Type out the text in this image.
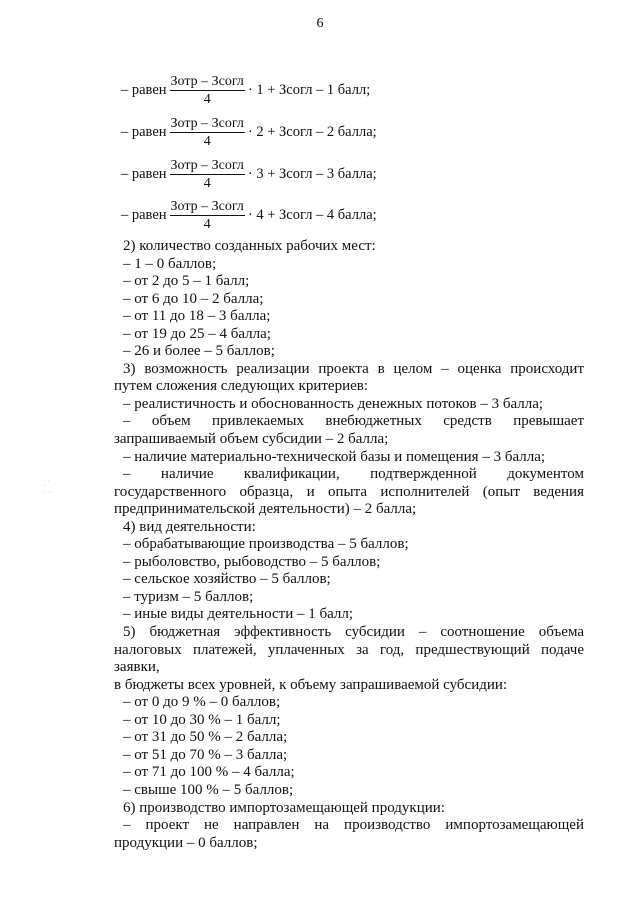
6
– равен $\frac{\text{Зотр – Зсогл}}{4} \cdot 1$ + Зсогл – 1 балл;
– равен $\frac{\text{Зотр – Зсогл}}{4} \cdot 2$ + Зсогл – 2 балла;
– равен $\frac{\text{Зотр – Зсогл}}{4} \cdot 3$ + Зсогл – 3 балла;
– равен $\frac{\text{Зотр – Зсогл}}{4} \cdot 4$ + Зсогл – 4 балла;

2) количество созданных рабочих мест:

– 1 – 0 баллов;

– от 2 до 5 – 1 балл;

– от 6 до 10 – 2 балла;

– от 11 до 18 – 3 балла;

– от 19 до 25 – 4 балла;

– 26 и более – 5 баллов;

3) возможность реализации проекта в целом – оценка происходит

путем сложения следующих критериев:

– реалистичность и обоснованность денежных потоков – 3 балла;

– объем привлекаемых внебюджетных средств превышает

запрашиваемый объем субсидии – 2 балла;

– наличие материально-технической базы и помещения – 3 балла;

– наличие квалификации, подтвержденной документом

государственного образца, и опыта исполнителей (опыт ведения

предпринимательской деятельности) – 2 балла;

4) вид деятельности:

– обрабатывающие производства – 5 баллов;

– рыболовство, рыбоводство – 5 баллов;

– сельское хозяйство – 5 баллов;

– туризм – 5 баллов;

– иные виды деятельности – 1 балл;

5) бюджетная эффективность субсидии – соотношение объема

налоговых платежей, уплаченных за год, предшествующий подаче заявки,

в бюджеты всех уровней, к объему запрашиваемой субсидии:

– от 0 до 9 % – 0 баллов;

– от 10 до 30 % – 1 балл;

– от 31 до 50 % – 2 балла;

– от 51 до 70 % – 3 балла;

– от 71 до 100 % – 4 балла;

– свыше 100 % – 5 баллов;

6) производство импортозамещающей продукции:

– проект не направлен на производство импортозамещающей

продукции – 0 баллов;

· ·
·
· · ·
